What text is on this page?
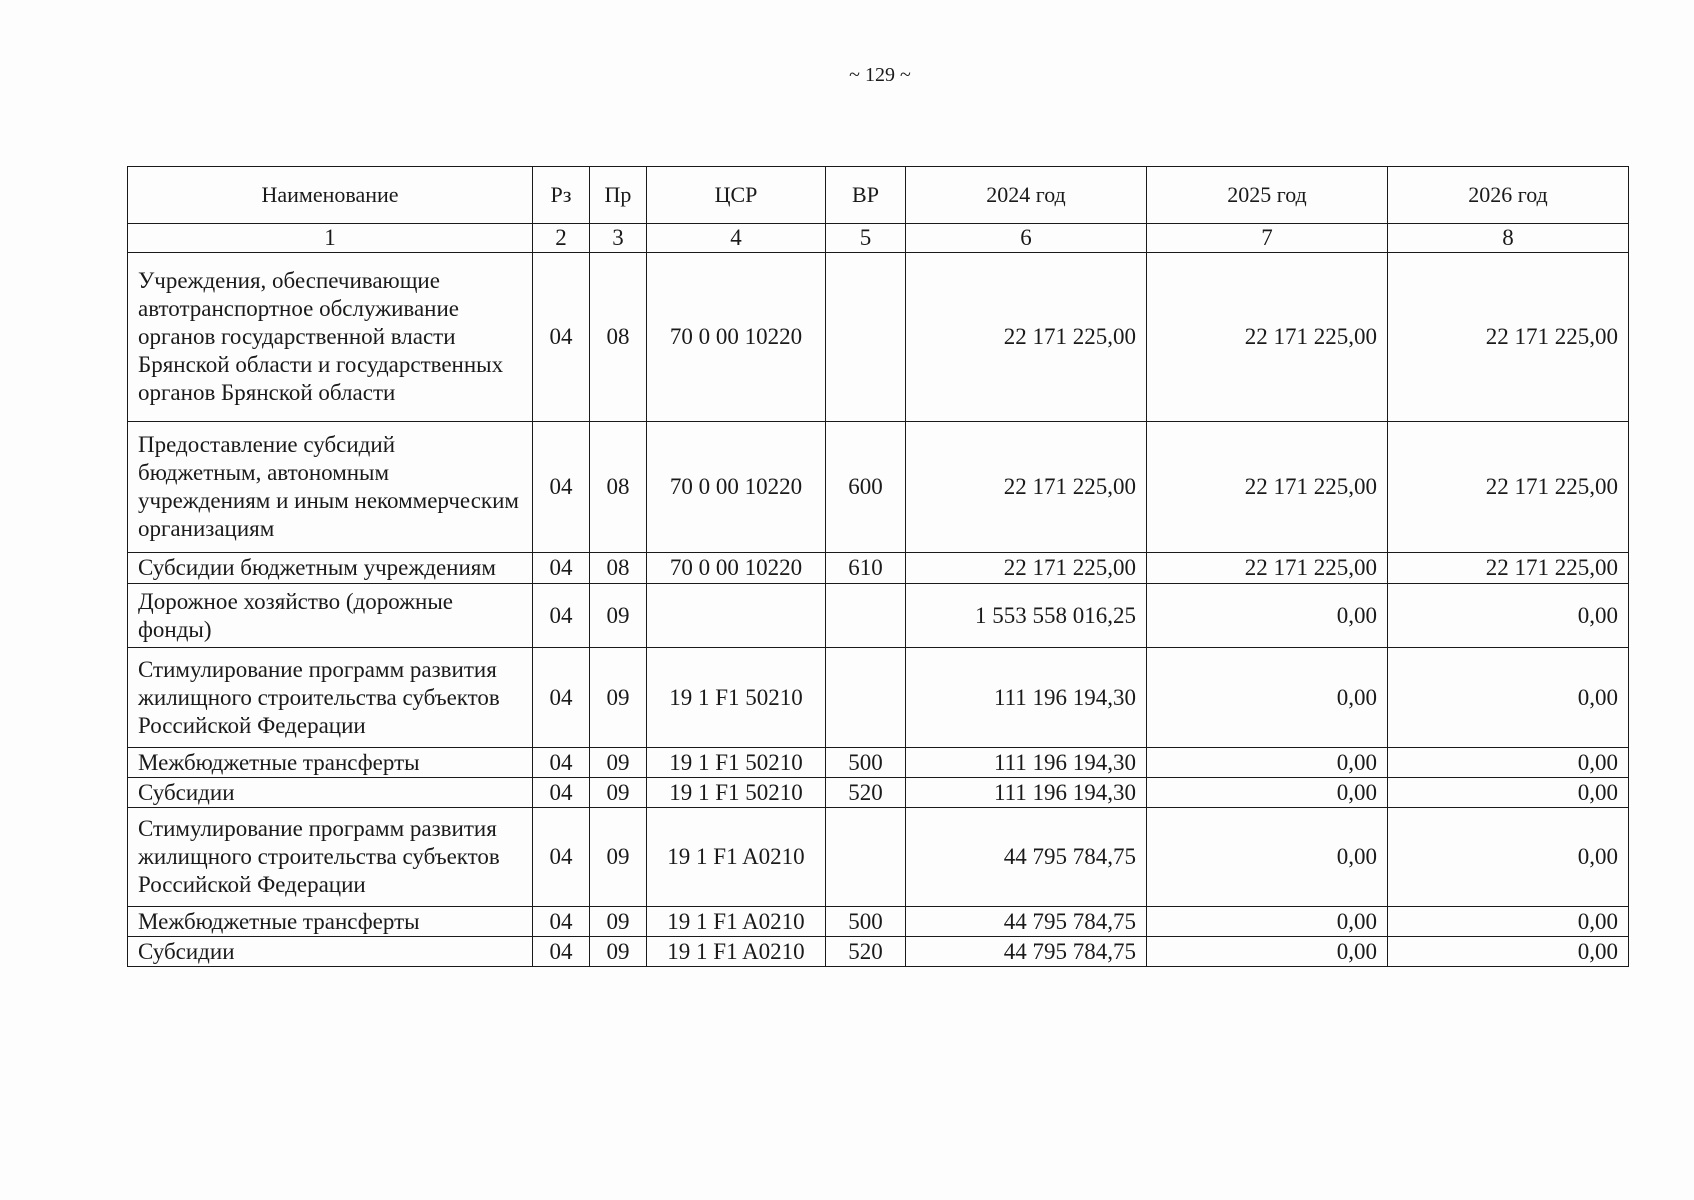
~ 129 ~
Наименование	Рз	Пр	ЦСР	ВР	2024 год	2025 год	2026 год
1	2	3	4	5	6	7	8
Учреждения, обеспечивающие автотранспортное обслуживание органов государственной власти Брянской области и государственных органов Брянской области	04	08	70 0 00 10220		22 171 225,00	22 171 225,00	22 171 225,00
Предоставление субсидий бюджетным, автономным учреждениям и иным некоммерческим организациям	04	08	70 0 00 10220	600	22 171 225,00	22 171 225,00	22 171 225,00
Субсидии бюджетным учреждениям	04	08	70 0 00 10220	610	22 171 225,00	22 171 225,00	22 171 225,00
Дорожное хозяйство (дорожные фонды)	04	09			1 553 558 016,25	0,00	0,00
Стимулирование программ развития жилищного строительства субъектов Российской Федерации	04	09	19 1 F1 50210		111 196 194,30	0,00	0,00
Межбюджетные трансферты	04	09	19 1 F1 50210	500	111 196 194,30	0,00	0,00
Субсидии	04	09	19 1 F1 50210	520	111 196 194,30	0,00	0,00
Стимулирование программ развития жилищного строительства субъектов Российской Федерации	04	09	19 1 F1 A0210		44 795 784,75	0,00	0,00
Межбюджетные трансферты	04	09	19 1 F1 A0210	500	44 795 784,75	0,00	0,00
Субсидии	04	09	19 1 F1 A0210	520	44 795 784,75	0,00	0,00
